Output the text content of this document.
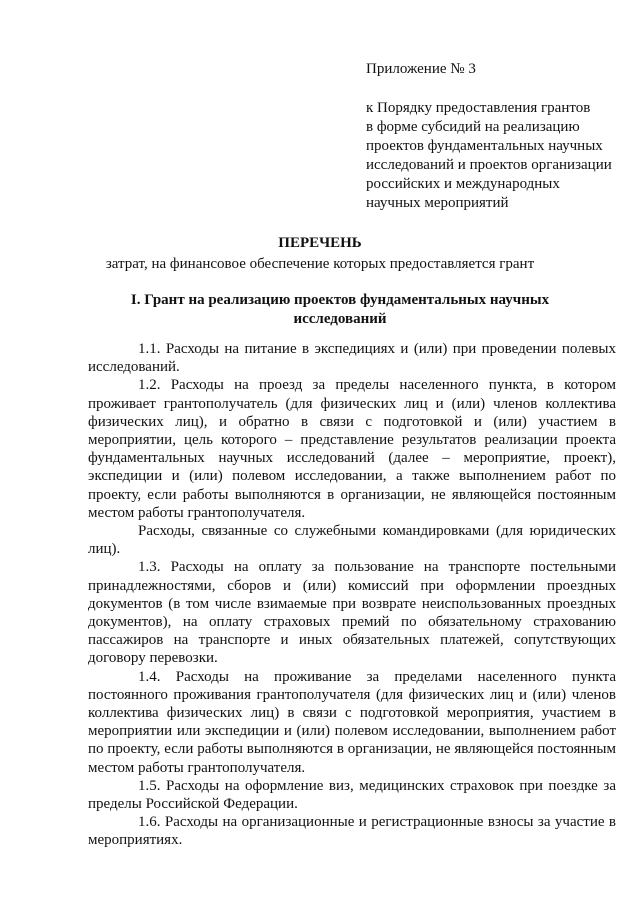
Приложение № 3
к Порядку предоставления грантов
в форме субсидий на реализацию
проектов фундаментальных научных
исследований и проектов организации
российских и международных
научных мероприятий
ПЕРЕЧЕНЬ
затрат, на финансовое обеспечение которых предоставляется грант
I. Грант на реализацию проектов фундаментальных научных исследований

1.1. Расходы на питание в экспедициях и (или) при проведении полевых исследований.

1.2. Расходы на проезд за пределы населенного пункта, в котором проживает грантополучатель (для физических лиц и (или) членов коллектива физических лиц), и обратно в связи с подготовкой и (или) участием в мероприятии, цель которого – представление результатов реализации проекта фундаментальных научных исследований (далее – мероприятие, проект), экспедиции и (или) полевом исследовании, а также выполнением работ по проекту, если работы выполняются в организации, не являющейся постоянным местом работы грантополучателя.

Расходы, связанные со служебными командировками (для юридических лиц).

1.3. Расходы на оплату за пользование на транспорте постельными принадлежностями, сборов и (или) комиссий при оформлении проездных документов (в том числе взимаемые при возврате неиспользованных проездных документов), на оплату страховых премий по обязательному страхованию пассажиров на транспорте и иных обязательных платежей, сопутствующих договору перевозки.

1.4. Расходы на проживание за пределами населенного пункта постоянного проживания грантополучателя (для физических лиц и (или) членов коллектива физических лиц) в связи с подготовкой мероприятия, участием в мероприятии или экспедиции и (или) полевом исследовании, выполнением работ по проекту, если работы выполняются в организации, не являющейся постоянным местом работы грантополучателя.

1.5. Расходы на оформление виз, медицинских страховок при поездке за пределы Российской Федерации.

1.6. Расходы на организационные и регистрационные взносы за участие в мероприятиях.
